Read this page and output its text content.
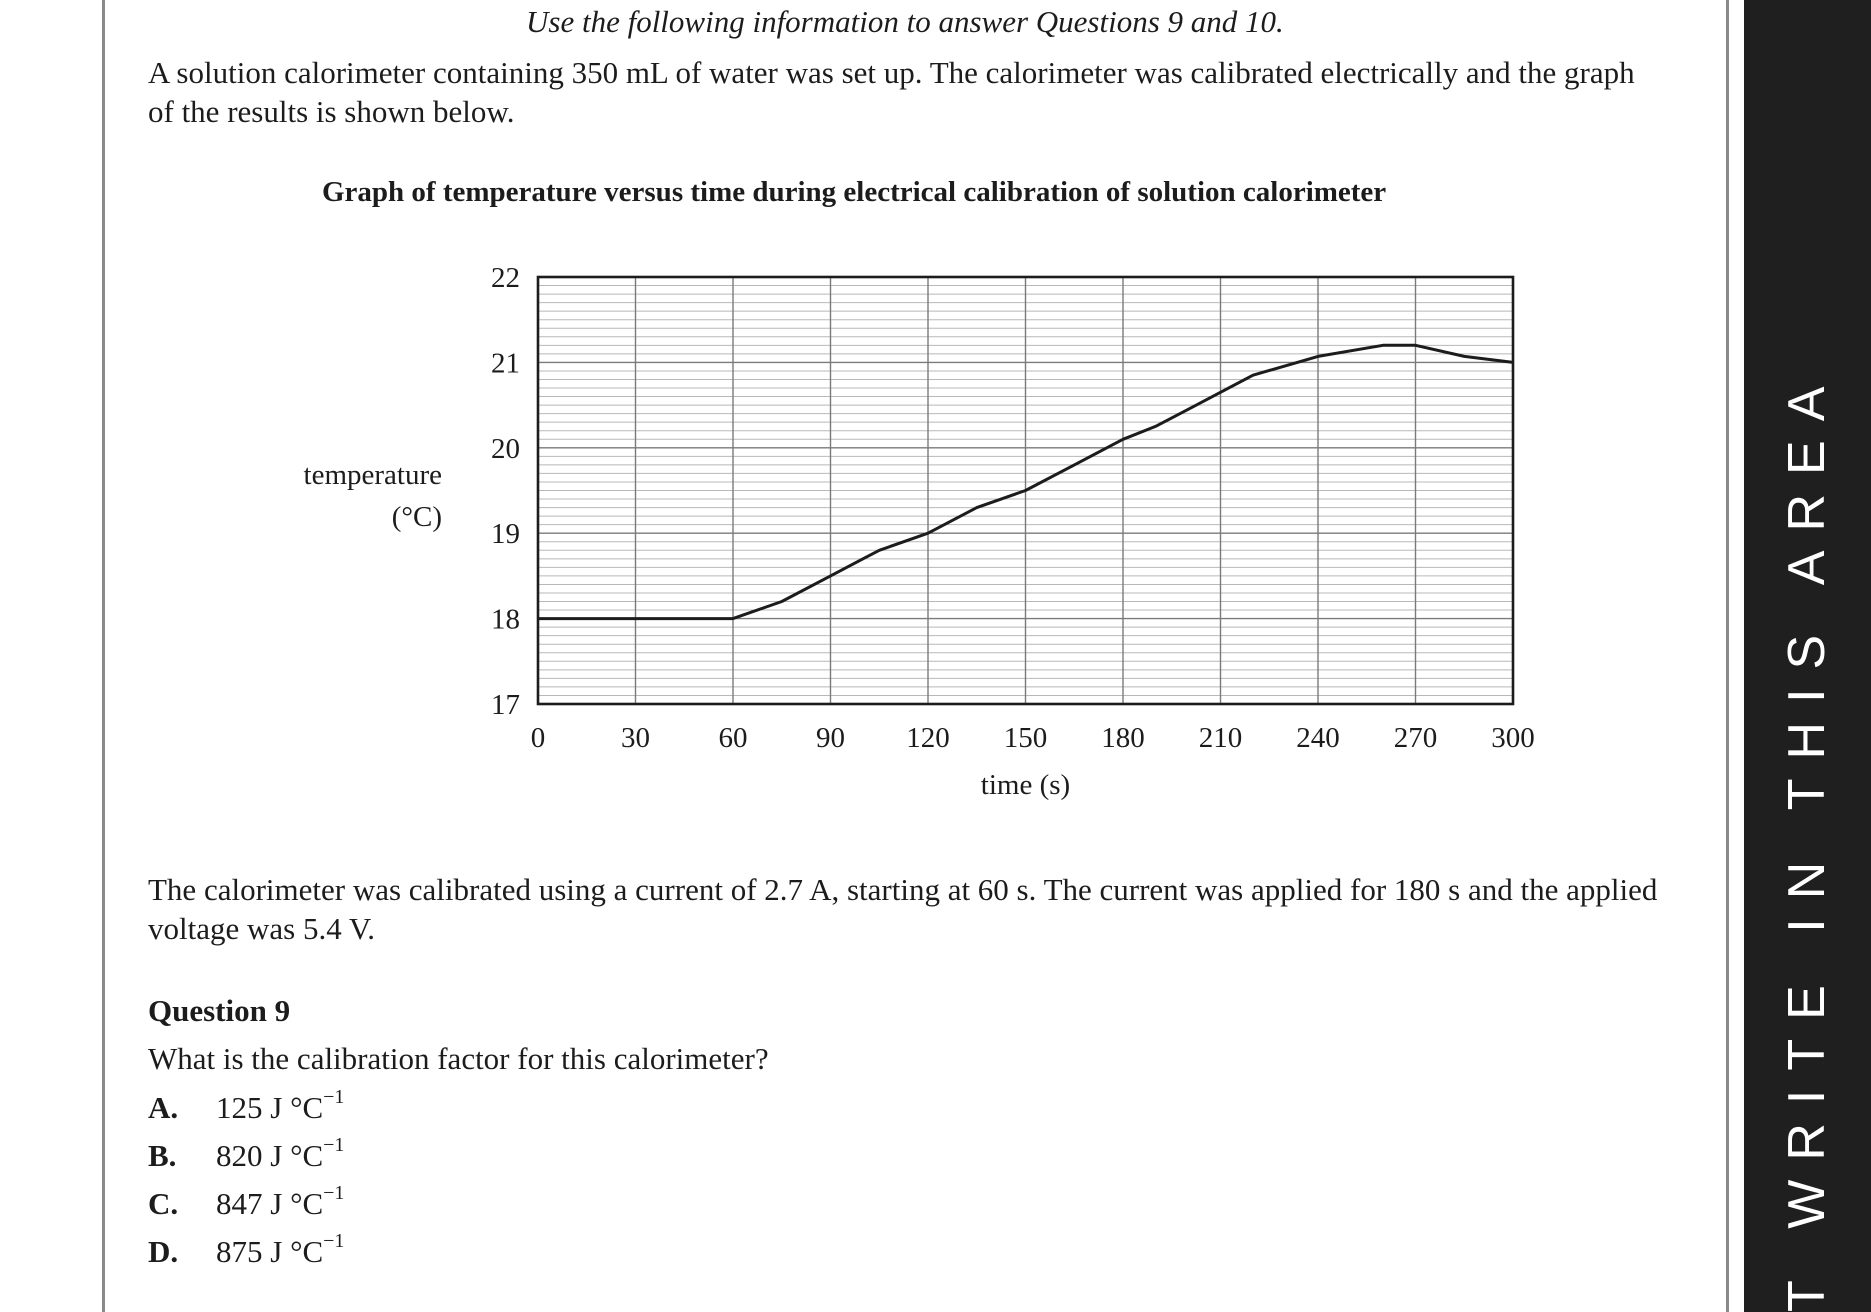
T WRITE IN THIS AREA
Use the following information to answer Questions 9 and 10.
A solution calorimeter containing 350 mL of water was set up. The calorimeter was calibrated electrically and the graph of the results is shown below.
Graph of temperature versus time during electrical calibration of solution calorimeter
temperature
(°C)
17
18
19
20
21
22
0	30 60 90 120 150 180 210 240 270 300
time (s)
The calorimeter was calibrated using a current of 2.7 A, starting at 60 s. The current was applied for 180 s and the applied voltage was 5.4 V.
Question 9
What is the calibration factor for this calorimeter?
A. 125 J $^\circ C^{-1}$
B. 820 J $^\circ C^{-1}$
C. 847 J $^\circ C^{-1}$
D. 875 J $^\circ C^{-1}$
